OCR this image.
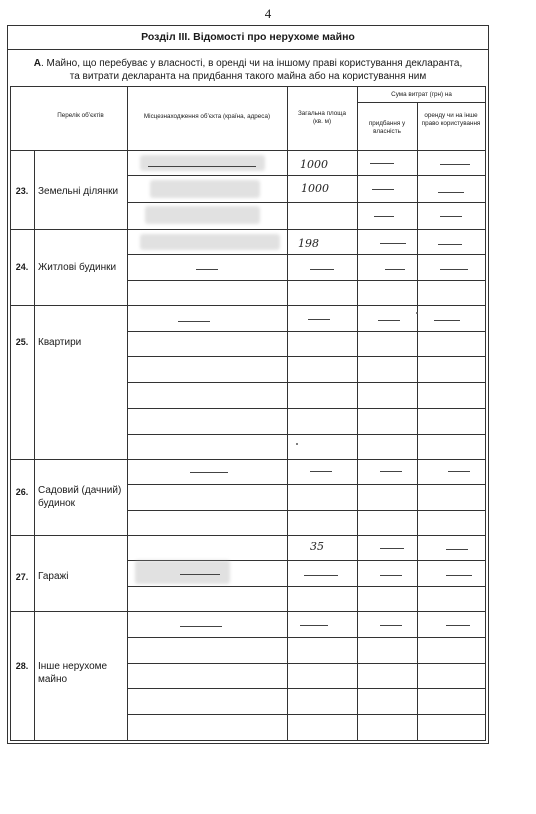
4
Розділ ІІІ. Відомості про нерухоме майно
А. Майно, що перебуває у власності, в оренді чи на іншому праві користування декларанта,
та витрати декларанта на придбання такого майна або на користування ним
Перелік об’єктів	Місцезнаходження об’єкта (країна, адреса)	Загальна площа (кв. м)
Сума витрат (грн) на
придбання у власність
оренду чи на інше право користування
23. Земельні ділянки
24. Житлові будинки
25. Квартири
26. Садовий (дачний) будинок
27. Гаражі
28. Інше нерухоме майно
1000
1000
198
35
